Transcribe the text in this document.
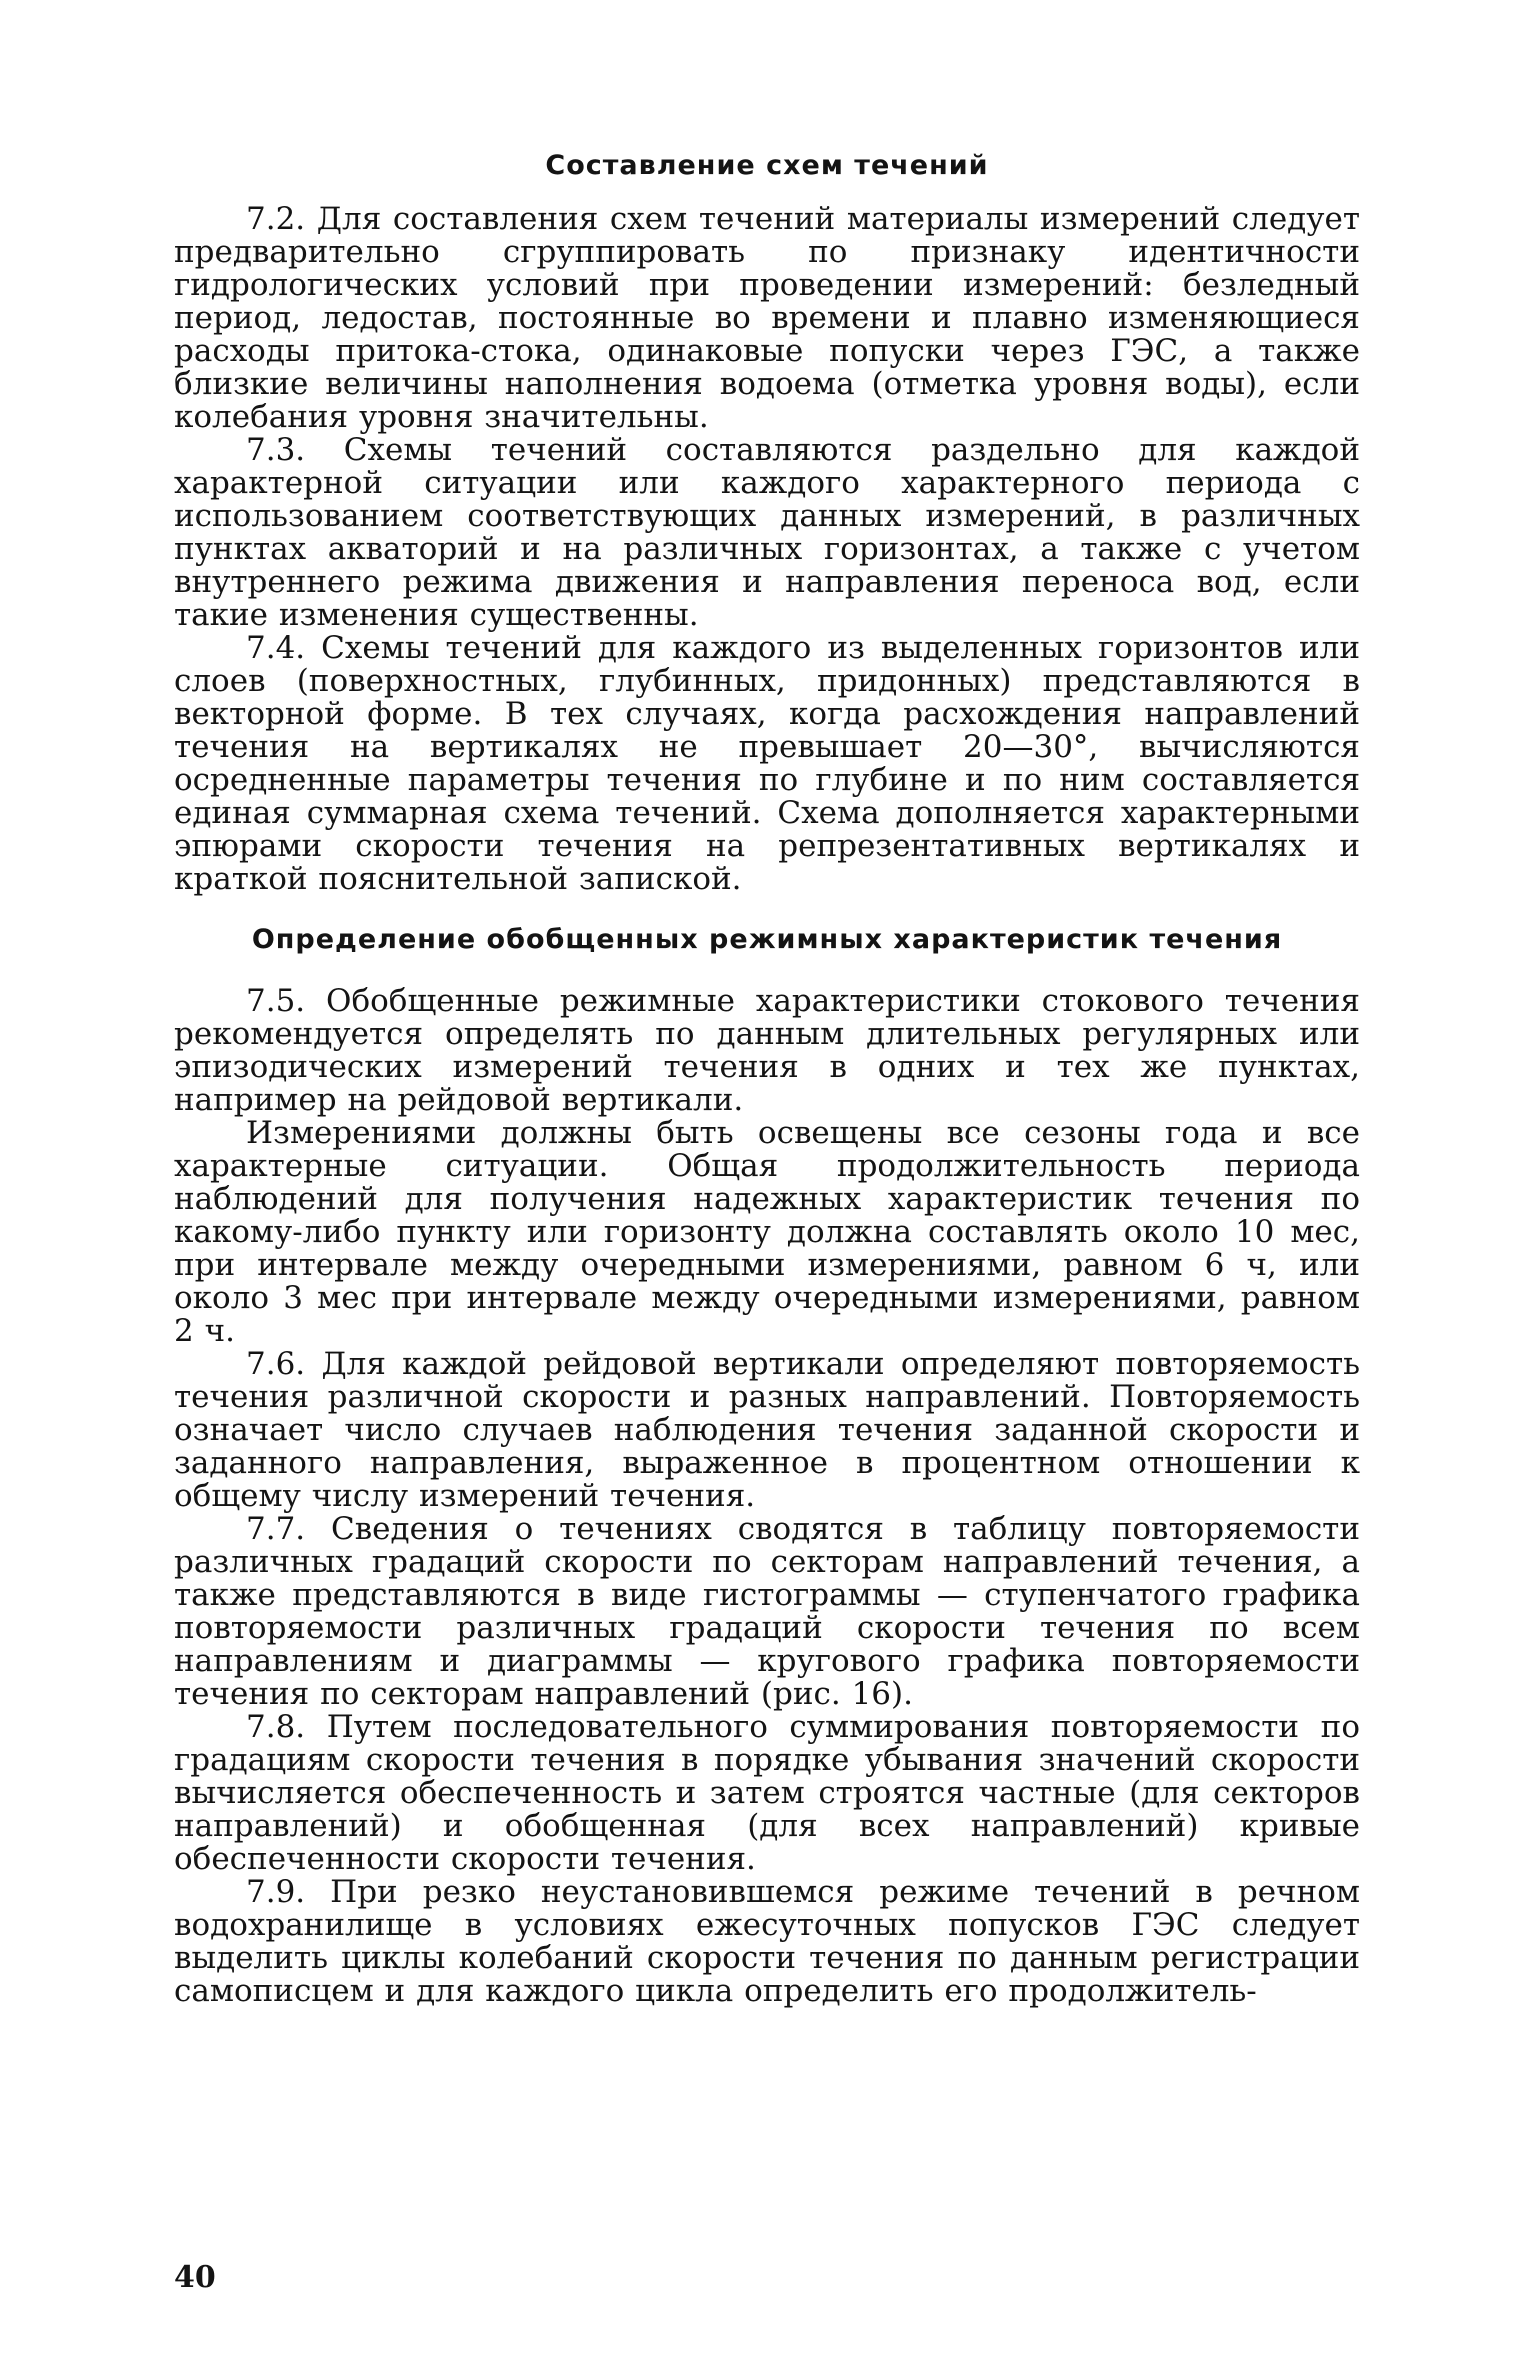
Составление схем течений

7.2. Для составления схем течений материалы измерений следует предварительно сгруппировать по признаку идентичности гидрологических условий при проведении измерений: безледный период, ледостав, постоянные во времени и плавно изменяющиеся расходы притока-стока, одинаковые попуски через ГЭС, а также близкие величины наполнения водоема (отметка уровня воды), если колебания уровня значительны.

7.3. Схемы течений составляются раздельно для каждой характерной ситуации или каждого характерного периода с использованием соответствующих данных измерений, в различных пунктах акваторий и на различных горизонтах, а также с учетом внутреннего режима движения и направления переноса вод, если такие изменения существенны.

7.4. Схемы течений для каждого из выделенных горизонтов или слоев (поверхностных, глубинных, придонных) представляются в векторной форме. В тех случаях, когда расхождения направлений течения на вертикалях не превышает 20—30°, вычисляются осредненные параметры течения по глубине и по ним составляется единая суммарная схема течений. Схема дополняется характерными эпюрами скорости течения на репрезентативных вертикалях и краткой пояснительной запиской.

Определение обобщенных режимных характеристик течения

7.5. Обобщенные режимные характеристики стокового течения рекомендуется определять по данным длительных регулярных или эпизодических измерений течения в одних и тех же пунктах, например на рейдовой вертикали.

Измерениями должны быть освещены все сезоны года и все характерные ситуации. Общая продолжительность периода наблюдений для получения надежных характеристик течения по какому-либо пункту или горизонту должна составлять около 10 мес, при интервале между очередными измерениями, равном 6 ч, или около 3 мес при интервале между очередными измерениями, равном 2 ч.

7.6. Для каждой рейдовой вертикали определяют повторяемость течения различной скорости и разных направлений. Повторяемость означает число случаев наблюдения течения заданной скорости и заданного направления, выраженное в процентном отношении к общему числу измерений течения.

7.7. Сведения о течениях сводятся в таблицу повторяемости различных градаций скорости по секторам направлений течения, а также представляются в виде гистограммы — ступенчатого графика повторяемости различных градаций скорости течения по всем направлениям и диаграммы — кругового графика повторяемости течения по секторам направлений (рис. 16).

7.8. Путем последовательного суммирования повторяемости по градациям скорости течения в порядке убывания значений скорости вычисляется обеспеченность и затем строятся частные (для секторов направлений) и обобщенная (для всех направлений) кривые обеспеченности скорости течения.

7.9. При резко неустановившемся режиме течений в речном водохранилище в условиях ежесуточных попусков ГЭС следует выделить циклы колебаний скорости течения по данным регистрации самописцем и для каждого цикла определить его продолжитель-

40
